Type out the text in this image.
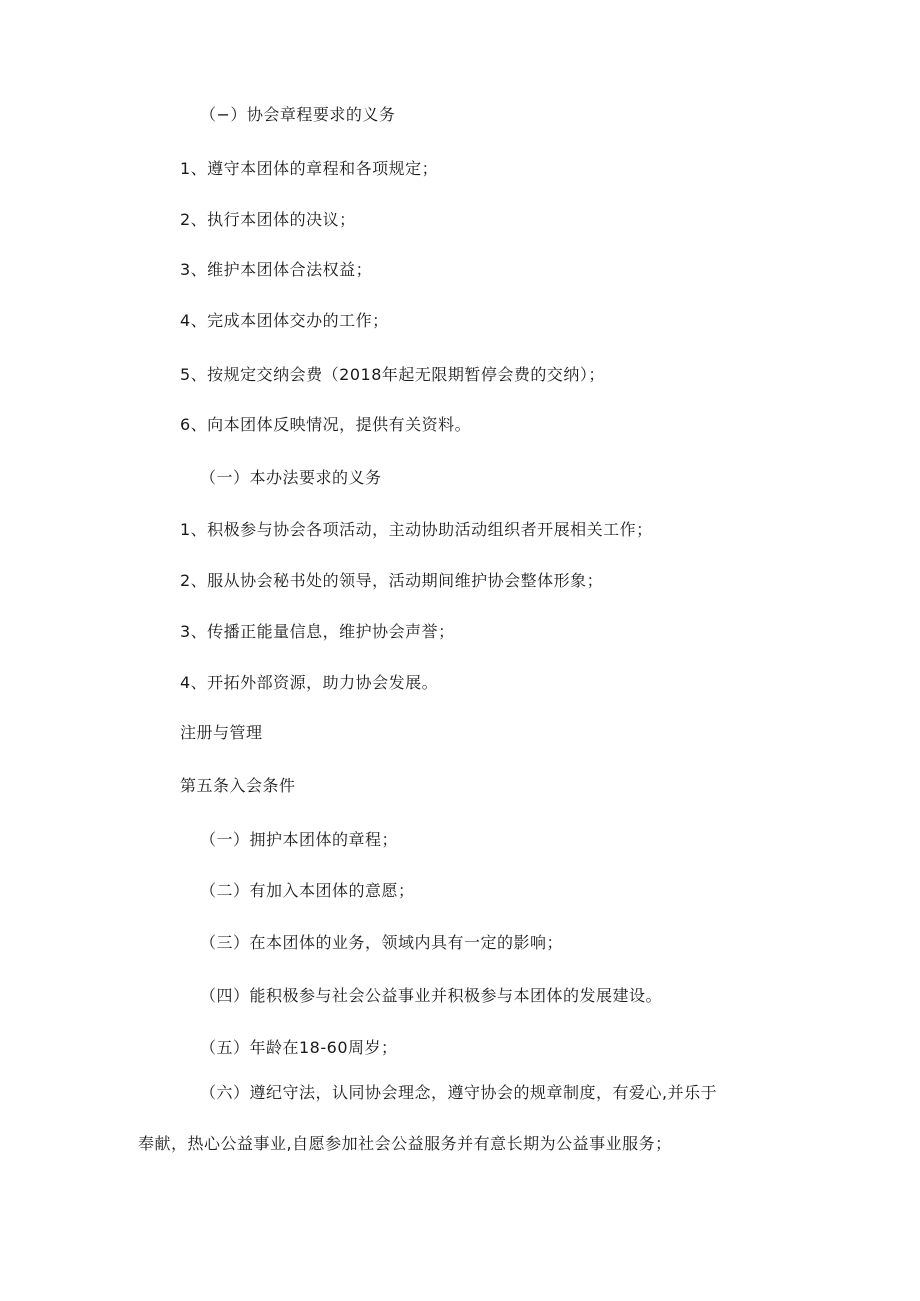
（−）协会章程要求的义务
1、遵守本团体的章程和各项规定；
2、执行本团体的决议；
3、维护本团体合法权益；
4、完成本团体交办的工作；
5、按规定交纳会费（2018年起无限期暂停会费的交纳）；
6、向本团体反映情况，提供有关资料。
（一）本办法要求的义务
1、积极参与协会各项活动，主动协助活动组织者开展相关工作；
2、服从协会秘书处的领导，活动期间维护协会整体形象；
3、传播正能量信息，维护协会声誉；
4、开拓外部资源，助力协会发展。
注册与管理
第五条入会条件
（一）拥护本团体的章程；
（二）有加入本团体的意愿；
（三）在本团体的业务，领域内具有一定的影响；
（四）能积极参与社会公益事业并积极参与本团体的发展建设。
（五）年龄在18-60周岁；
（六）遵纪守法，认同协会理念，遵守协会的规章制度，有爱心,并乐于
奉献，热心公益事业,自愿参加社会公益服务并有意长期为公益事业服务；
